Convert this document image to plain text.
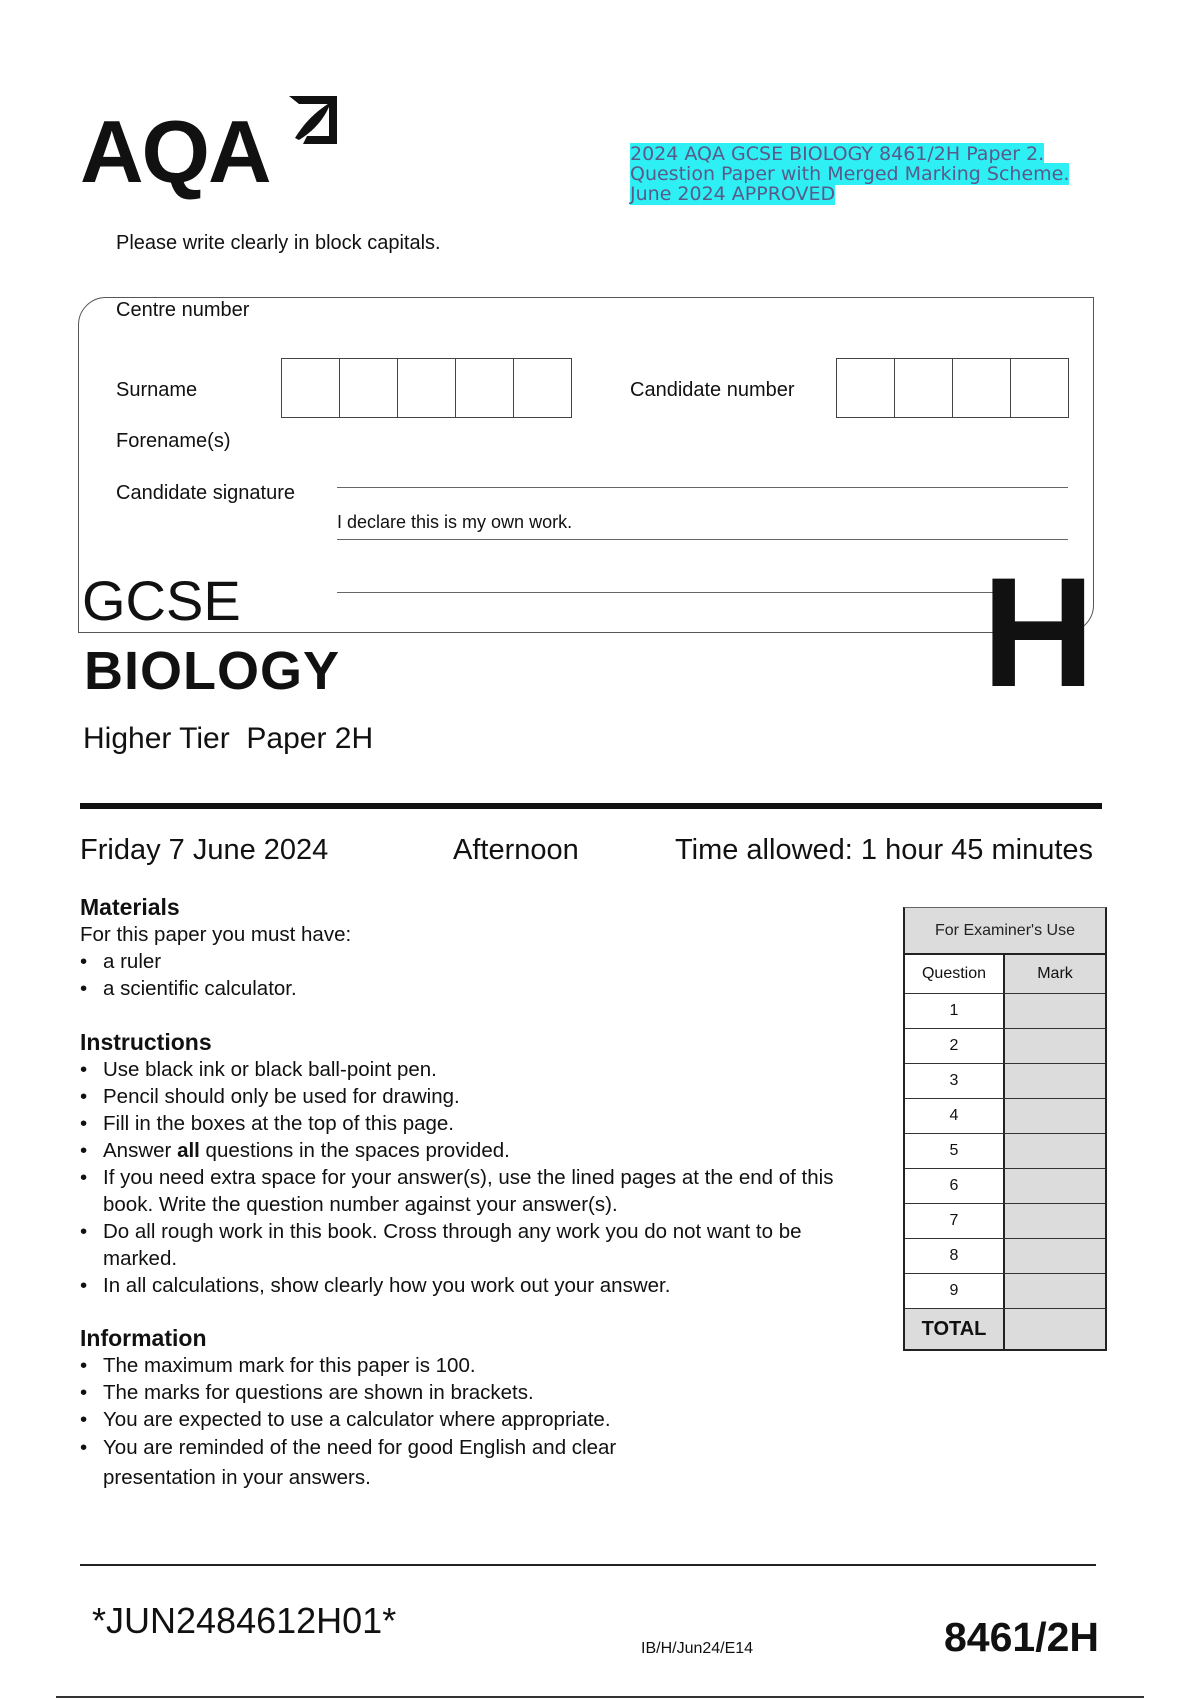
AQA	2024 AQA GCSE BIOLOGY 8461/2H Paper 2. Question Paper with Merged Marking Scheme. June 2024 APPROVED
Please write clearly in block capitals.
Centre number
Surname	Candidate number
Forename(s)
Candidate signature
I declare this is my own work.
GCSE	H
BIOLOGY
Higher Tier Paper 2H
Friday 7 June 2024	Afternoon	Time allowed: 1 hour 45 minutes
Materials

For this paper you must have:

• a ruler
• a scientific calculator.
Instructions
• Use black ink or black ball-point pen.
• Pencil should only be used for drawing.
• Fill in the boxes at the top of this page.
• Answer all questions in the spaces provided.
• If you need extra space for your answer(s), use the lined pages at the end of this book. Write the question number against your answer(s).
• Do all rough work in this book. Cross through any work you do not want to be marked.
• In all calculations, show clearly how you work out your answer.
Information
• The maximum mark for this paper is 100.
• The marks for questions are shown in brackets.
• You are expected to use a calculator where appropriate.
• You are reminded of the need for good English and clear presentation in your answers.
For Examiner's Use
Question	Mark
1
2
3
4
5
6
7
8
9
TOTAL
*JUN2484612H01*
IB/H/Jun24/E14	8461/2H
